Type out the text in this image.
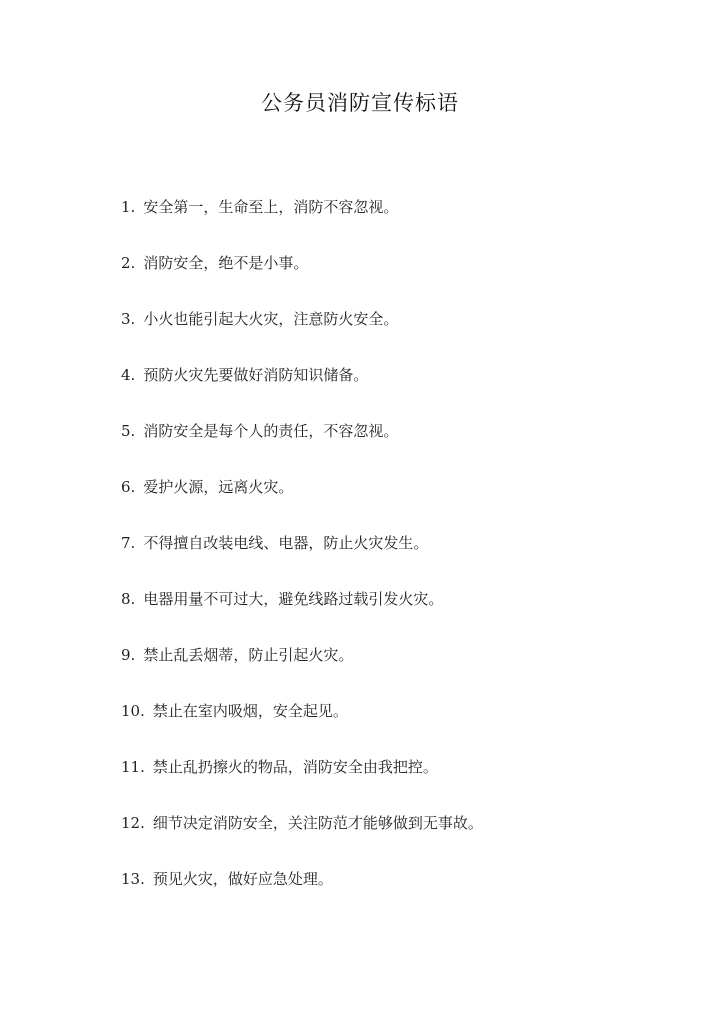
公务员消防宣传标语
1. 安全第一，生命至上，消防不容忽视。
2. 消防安全，绝不是小事。
3. 小火也能引起大火灾，注意防火安全。
4. 预防火灾先要做好消防知识储备。
5. 消防安全是每个人的责任，不容忽视。
6. 爱护火源，远离火灾。
7. 不得擅自改装电线、电器，防止火灾发生。
8. 电器用量不可过大，避免线路过载引发火灾。
9. 禁止乱丢烟蒂，防止引起火灾。
10. 禁止在室内吸烟，安全起见。
11. 禁止乱扔擦火的物品，消防安全由我把控。
12. 细节决定消防安全，关注防范才能够做到无事故。
13. 预见火灾，做好应急处理。
